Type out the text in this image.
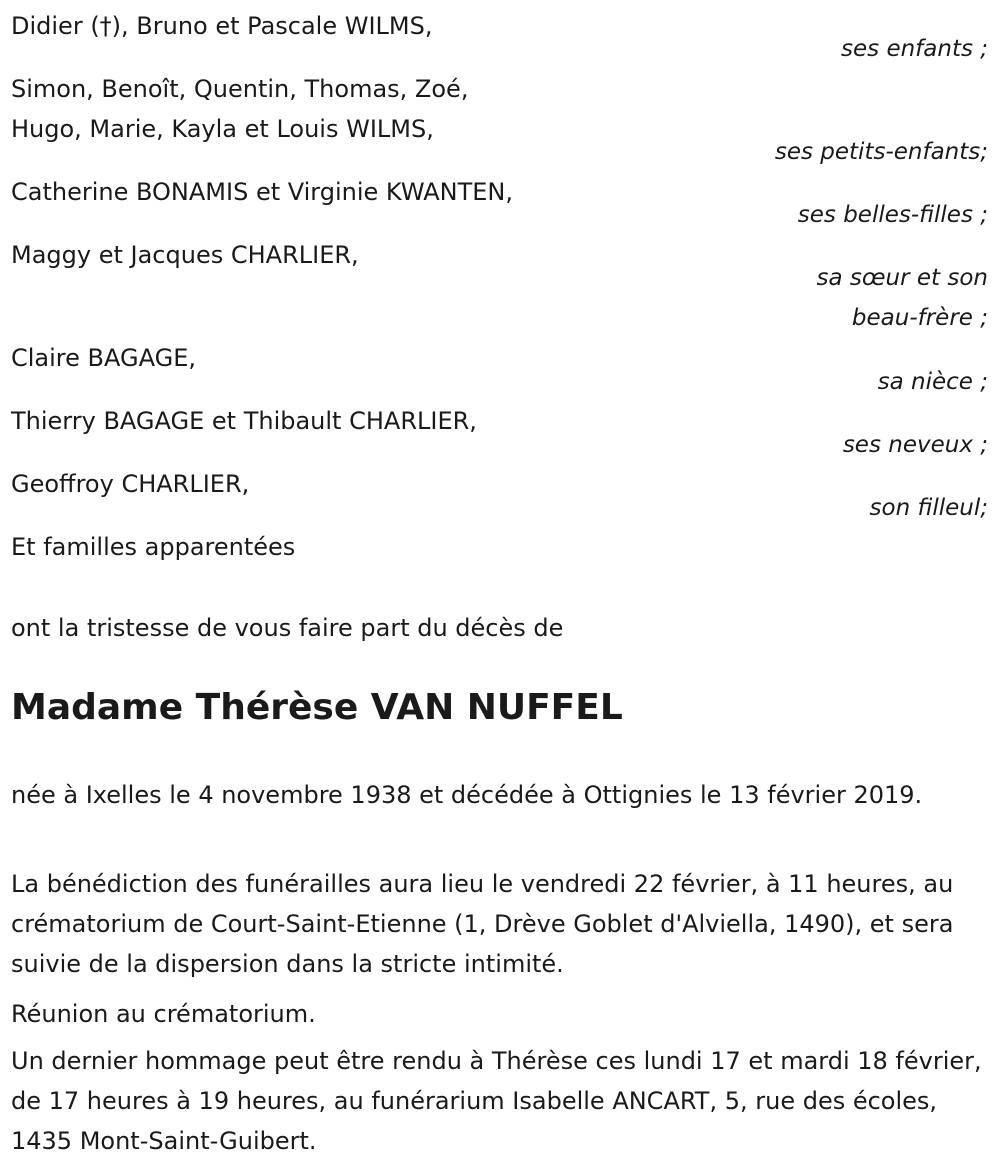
Didier (†), Bruno et Pascale WILMS,
ses enfants ;
Simon, Benoît, Quentin, Thomas, Zoé,
Hugo, Marie, Kayla et Louis WILMS,
ses petits-enfants;
Catherine BONAMIS et Virginie KWANTEN,
ses belles-filles ;
Maggy et Jacques CHARLIER,
sa sœur et son
beau-frère ;
Claire BAGAGE,
sa nièce ;
Thierry BAGAGE et Thibault CHARLIER,
ses neveux ;
Geoffroy CHARLIER,
son filleul;
Et familles apparentées
ont la tristesse de vous faire part du décès de
Madame Thérèse VAN NUFFEL
née à Ixelles le 4 novembre 1938 et décédée à Ottignies le 13 février 2019.
La bénédiction des funérailles aura lieu le vendredi 22 février, à 11 heures, au crématorium de Court-Saint-Etienne (1, Drève Goblet d'Alviella, 1490), et sera suivie de la dispersion dans la stricte intimité.
Réunion au crématorium.
Un dernier hommage peut être rendu à Thérèse ces lundi 17 et mardi 18 février, de 17 heures à 19 heures, au funérarium Isabelle ANCART, 5, rue des écoles, 1435 Mont-Saint-Guibert.
